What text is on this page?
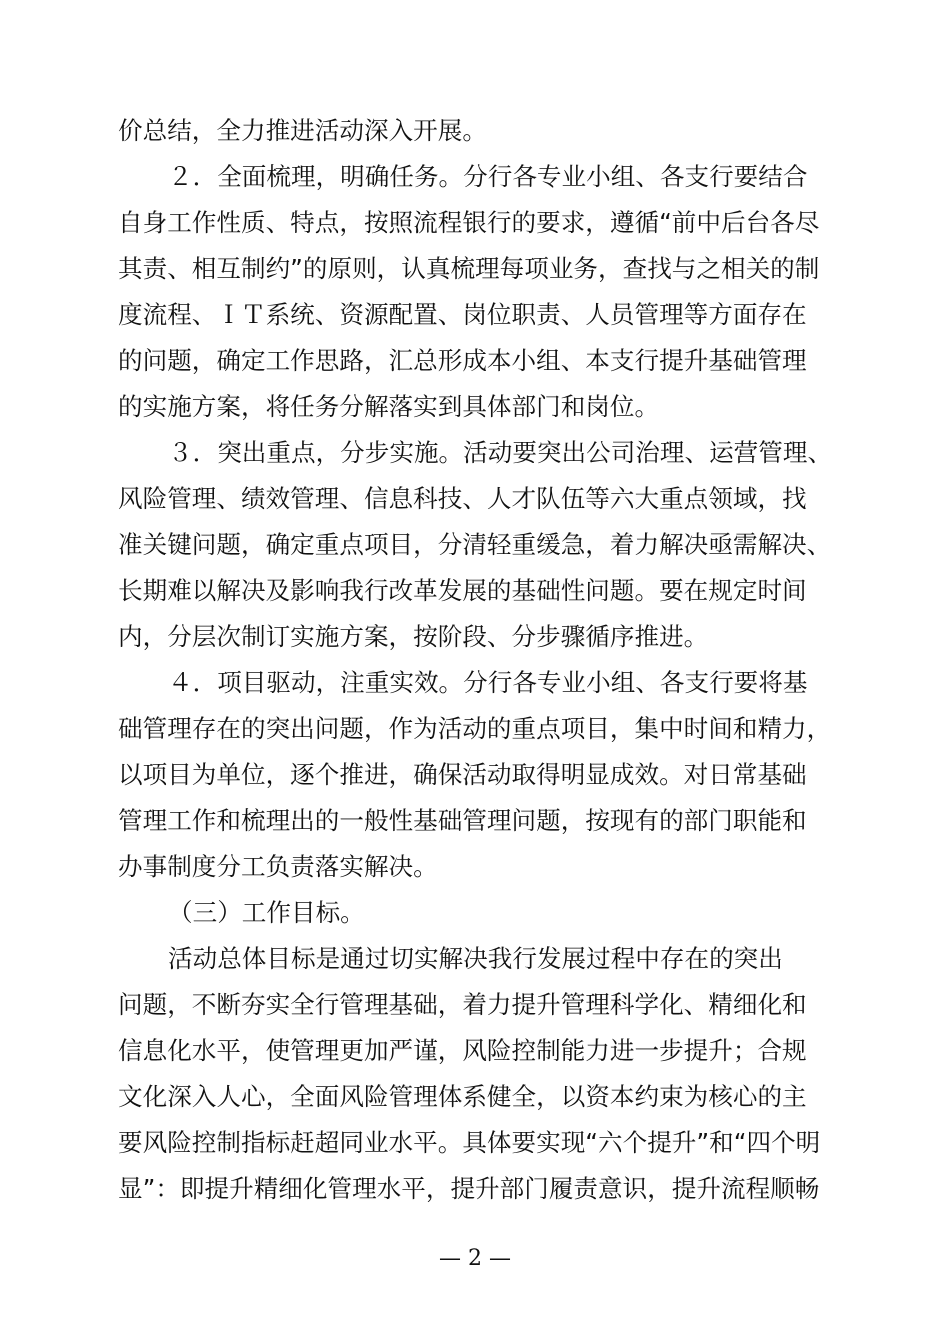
价总结，全力推进活动深入开展。
２．全面梳理，明确任务。分行各专业小组、各支行要结合
自身工作性质、特点，按照流程银行的要求，遵循“前中后台各尽
其责、相互制约”的原则，认真梳理每项业务，查找与之相关的制
度流程、ＩＴ系统、资源配置、岗位职责、人员管理等方面存在
的问题，确定工作思路，汇总形成本小组、本支行提升基础管理
的实施方案，将任务分解落实到具体部门和岗位。
３．突出重点，分步实施。活动要突出公司治理、运营管理、
风险管理、绩效管理、信息科技、人才队伍等六大重点领域，找
准关键问题，确定重点项目，分清轻重缓急，着力解决亟需解决、
长期难以解决及影响我行改革发展的基础性问题。要在规定时间
内，分层次制订实施方案，按阶段、分步骤循序推进。
４．项目驱动，注重实效。分行各专业小组、各支行要将基
础管理存在的突出问题，作为活动的重点项目，集中时间和精力，
以项目为单位，逐个推进，确保活动取得明显成效。对日常基础
管理工作和梳理出的一般性基础管理问题，按现有的部门职能和
办事制度分工负责落实解决。
（三）工作目标。
活动总体目标是通过切实解决我行发展过程中存在的突出
问题，不断夯实全行管理基础，着力提升管理科学化、精细化和
信息化水平，使管理更加严谨，风险控制能力进一步提升；合规
文化深入人心，全面风险管理体系健全，以资本约束为核心的主
要风险控制指标赶超同业水平。具体要实现“六个提升”和“四个明
显”：即提升精细化管理水平，提升部门履责意识，提升流程顺畅
— 2 —
